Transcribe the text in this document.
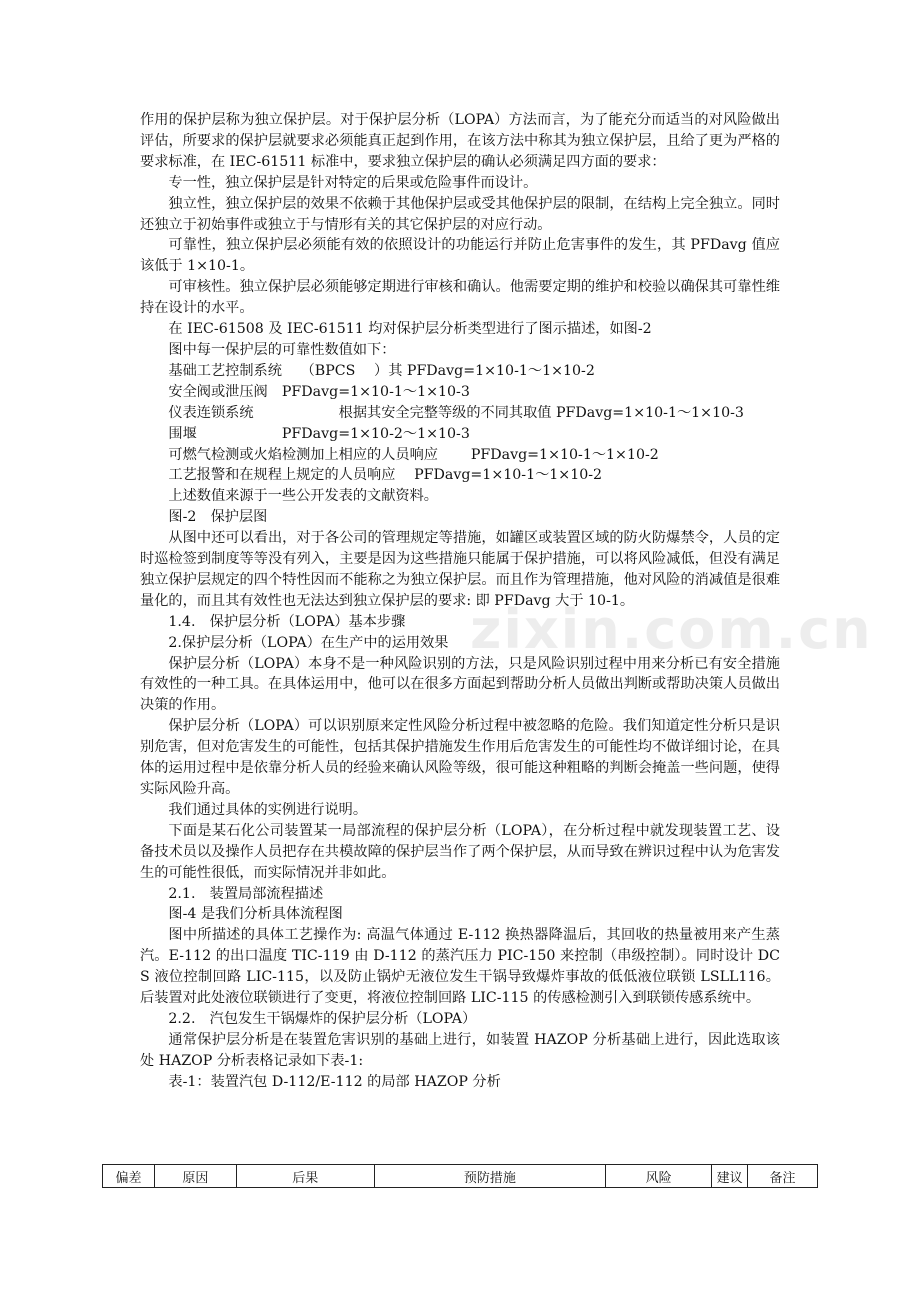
作用的保护层称为独立保护层。对于保护层分析（LOPA）方法而言，为了能充分而适当的对风险做出评估，所要求的保护层就要求必须能真正起到作用，在该方法中称其为独立保护层，且给了更为严格的要求标准，在 IEC-61511 标准中，要求独立保护层的确认必须满足四方面的要求：

专一性，独立保护层是针对特定的后果或危险事件而设计。

独立性，独立保护层的效果不依赖于其他保护层或受其他保护层的限制，在结构上完全独立。同时还独立于初始事件或独立于与情形有关的其它保护层的对应行动。

可靠性，独立保护层必须能有效的依照设计的功能运行并防止危害事件的发生，其 PFDavg 值应该低于 1×10-1。

可审核性。独立保护层必须能够定期进行审核和确认。他需要定期的维护和校验以确保其可靠性维持在设计的水平。

在 IEC-61508 及 IEC-61511 均对保护层分析类型进行了图示描述，如图-2

图中每一保护层的可靠性数值如下：

基础工艺控制系统　 （BPCS　 ）其 PFDavg=1×10-1～1×10-2
安全阀或泄压阀　PFDavg= 1×10-1～1×10-3
仪表连锁系统　　　　　　根据其安全完整等级的不同其取值 PFDavg=1×10-1～1×10-3
围堰　　　　　　PFDavg= 1×10-2～1×10-3
可燃气检测或火焰检测加上相应的人员响应　　 PFDavg=1×10-1～1×10-2
工艺报警和在规程上规定的人员响应　 PFDavg=1×10-1～1×10-2

上述数值来源于一些公开发表的文献资料。

图-2　保护层图

从图中还可以看出，对于各公司的管理规定等措施，如罐区或装置区域的防火防爆禁令，人员的定时巡检签到制度等等没有列入，主要是因为这些措施只能属于保护措施，可以将风险减低，但没有满足独立保护层规定的四个特性因而不能称之为独立保护层。而且作为管理措施，他对风险的消减值是很难量化的，而且其有效性也无法达到独立保护层的要求: 即 PFDavg 大于 10-1。

1.4.　保护层分析（LOPA）基本步骤

2.保护层分析（LOPA）在生产中的运用效果

保护层分析（LOPA）本身不是一种风险识别的方法，只是风险识别过程中用来分析已有安全措施有效性的一种工具。在具体运用中，他可以在很多方面起到帮助分析人员做出判断或帮助决策人员做出决策的作用。

保护层分析（LOPA）可以识别原来定性风险分析过程中被忽略的危险。我们知道定性分析只是识别危害，但对危害发生的可能性，包括其保护措施发生作用后危害发生的可能性均不做详细讨论，在具体的运用过程中是依靠分析人员的经验来确认风险等级，很可能这种粗略的判断会掩盖一些问题，使得实际风险升高。

我们通过具体的实例进行说明。

下面是某石化公司装置某一局部流程的保护层分析（LOPA），在分析过程中就发现装置工艺、设备技术员以及操作人员把存在共模故障的保护层当作了两个保护层，从而导致在辨识过程中认为危害发生的可能性很低，而实际情况并非如此。

2.1.　装置局部流程描述

图-4 是我们分析具体流程图

图中所描述的具体工艺操作为: 高温气体通过 E-112 换热器降温后，其回收的热量被用来产生蒸汽。E-112 的出口温度 TIC-119 由 D-112 的蒸汽压力 PIC-150 来控制（串级控制）。同时设计 DCS 液位控制回路 LIC-115，以及防止锅炉无液位发生干锅导致爆炸事故的低低液位联锁 LSLL116。后装置对此处液位联锁进行了变更，将液位控制回路 LIC-115 的传感检测引入到联锁传感系统中。

2.2.　汽包发生干锅爆炸的保护层分析（LOPA）

通常保护层分析是在装置危害识别的基础上进行，如装置 HAZOP 分析基础上进行，因此选取该处 HAZOP 分析表格记录如下表-1:

表-1：装置汽包 D-112/E-112 的局部 HAZOP 分析

zixin.com.cn
偏差	原因	后果	预防措施	风险	建议	备注
